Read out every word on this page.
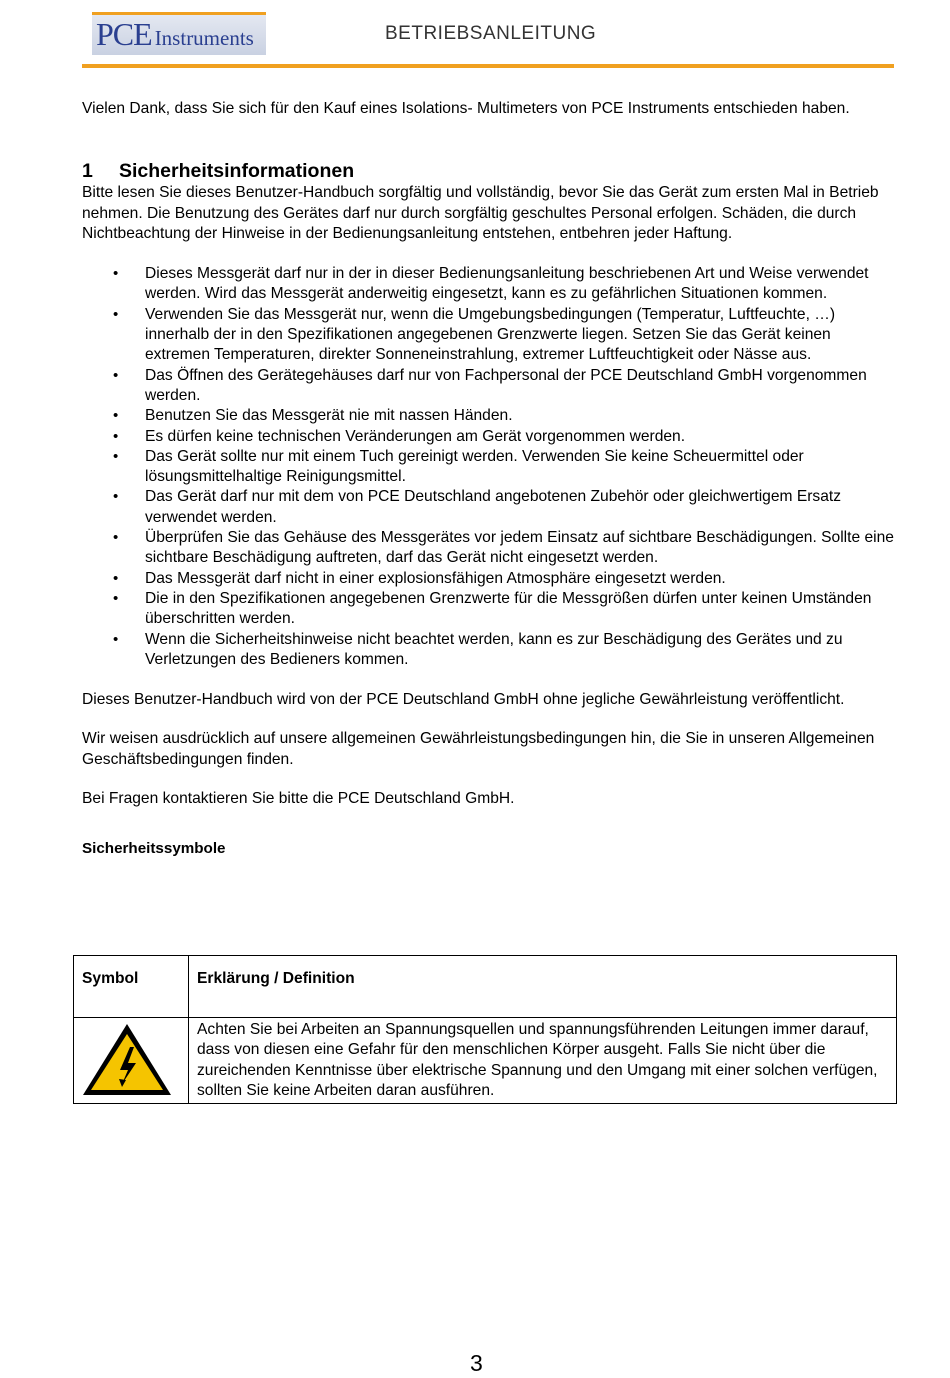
PCE Instruments	BETRIEBSANLEITUNG

Vielen Dank, dass Sie sich für den Kauf eines Isolations- Multimeters von PCE Instruments entschieden haben.

1 Sicherheitsinformationen

Bitte lesen Sie dieses Benutzer-Handbuch sorgfältig und vollständig, bevor Sie das Gerät zum ersten Mal in Betrieb nehmen. Die Benutzung des Gerätes darf nur durch sorgfältig geschultes Personal erfolgen. Schäden, die durch Nichtbeachtung der Hinweise in der Bedienungsanleitung entstehen, entbehren jeder Haftung.

• Dieses Messgerät darf nur in der in dieser Bedienungsanleitung beschriebenen Art und Weise verwendet werden. Wird das Messgerät anderweitig eingesetzt, kann es zu gefährlichen Situationen kommen.
• Verwenden Sie das Messgerät nur, wenn die Umgebungsbedingungen (Temperatur, Luftfeuchte, …) innerhalb der in den Spezifikationen angegebenen Grenzwerte liegen. Setzen Sie das Gerät keinen extremen Temperaturen, direkter Sonneneinstrahlung, extremer Luftfeuchtigkeit oder Nässe aus.
• Das Öffnen des Gerätegehäuses darf nur von Fachpersonal der PCE Deutschland GmbH vorgenommen werden.
• Benutzen Sie das Messgerät nie mit nassen Händen.
• Es dürfen keine technischen Veränderungen am Gerät vorgenommen werden.
• Das Gerät sollte nur mit einem Tuch gereinigt werden. Verwenden Sie keine Scheuermittel oder lösungsmittelhaltige Reinigungsmittel.
• Das Gerät darf nur mit dem von PCE Deutschland angebotenen Zubehör oder gleichwertigem Ersatz verwendet werden.
• Überprüfen Sie das Gehäuse des Messgerätes vor jedem Einsatz auf sichtbare Beschädigungen. Sollte eine sichtbare Beschädigung auftreten, darf das Gerät nicht eingesetzt werden.
• Das Messgerät darf nicht in einer explosionsfähigen Atmosphäre eingesetzt werden.
• Die in den Spezifikationen angegebenen Grenzwerte für die Messgrößen dürfen unter keinen Umständen überschritten werden.
• Wenn die Sicherheitshinweise nicht beachtet werden, kann es zur Beschädigung des Gerätes und zu Verletzungen des Bedieners kommen.

Dieses Benutzer-Handbuch wird von der PCE Deutschland GmbH ohne jegliche Gewährleistung veröffentlicht.

Wir weisen ausdrücklich auf unsere allgemeinen Gewährleistungsbedingungen hin, die Sie in unseren Allgemeinen Geschäftsbedingungen finden.

Bei Fragen kontaktieren Sie bitte die PCE Deutschland GmbH.

Sicherheitssymbole

Symbol	Erklärung / Definition
	Achten Sie bei Arbeiten an Spannungsquellen und spannungsführenden Leitungen immer darauf, dass von diesen eine Gefahr für den menschlichen Körper ausgeht. Falls Sie nicht über die zureichenden Kenntnisse über elektrische Spannung und den Umgang mit einer solchen verfügen, sollten Sie keine Arbeiten daran ausführen.
3
